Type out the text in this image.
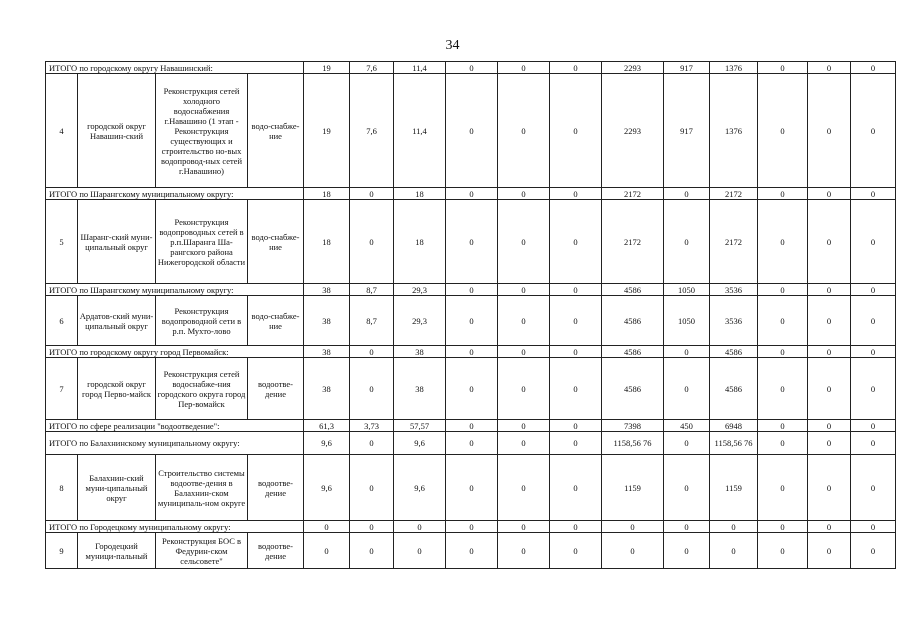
34
ИТОГО по городскому округу Навашинский:				19	7,6	11,4	0	0	0	2293	917	1376	0	0	0
4	городской округ Навашин-ский	Реконструкция сетей холодного водоснабжения г.Навашино (1 этап - Реконструкция существующих и строительство но-вых водопровод-ных сетей г.Навашино)	водо-снабже-ние	19	7,6	11,4	0	0	0	2293	917	1376	0	0	0
ИТОГО по Шарангскому муниципальному округу:				18	0	18	0	0	0	2172	0	2172	0	0	0
5	Шаранг-ский муни-ципальный округ	Реконструкция водопроводных сетей в р.п.Шаранга Ша-рангского района Нижегородской области	водо-снабже-ние	18	0	18	0	0	0	2172	0	2172	0	0	0
ИТОГО по Шарангскому муниципальному округу:				38	8,7	29,3	0	0	0	4586	1050	3536	0	0	0
6	Ардатов-ский муни-ципальный округ	Реконструкция водопроводной сети в р.п. Мухто-лово	водо-снабже-ние	38	8,7	29,3	0	0	0	4586	1050	3536	0	0	0
ИТОГО по городскому округу город Первомайск:				38	0	38	0	0	0	4586	0	4586	0	0	0
7	городской округ город Перво-майск	Реконструкция сетей водоснабже-ния городского округа город Пер-вомайск	водоотве-дение	38	0	38	0	0	0	4586	0	4586	0	0	0
ИТОГО по сфере реализации "водоотведение":				61,3	3,73	57,57	0	0	0	7398	450	6948	0	0	0
ИТОГО по Балахнинскому муниципальному округу:				9,6	0	9,6	0	0	0	1158,56 76	0	1158,56 76	0	0	0
8	Балахнин-ский муни-ципальный округ	Строительство системы водоотве-дения в Балахнин-ском муниципаль-ном округе	водоотве-дение	9,6	0	9,6	0	0	0	1159	0	1159	0	0	0
ИТОГО по Городецкому муниципальному округу:				0	0	0	0	0	0	0	0	0	0	0	0
9	Городецкий муници-пальный	Реконструкция БОС в Федурин-ском сельсовете"	водоотве-дение	0	0	0	0	0	0	0	0	0	0	0	0
